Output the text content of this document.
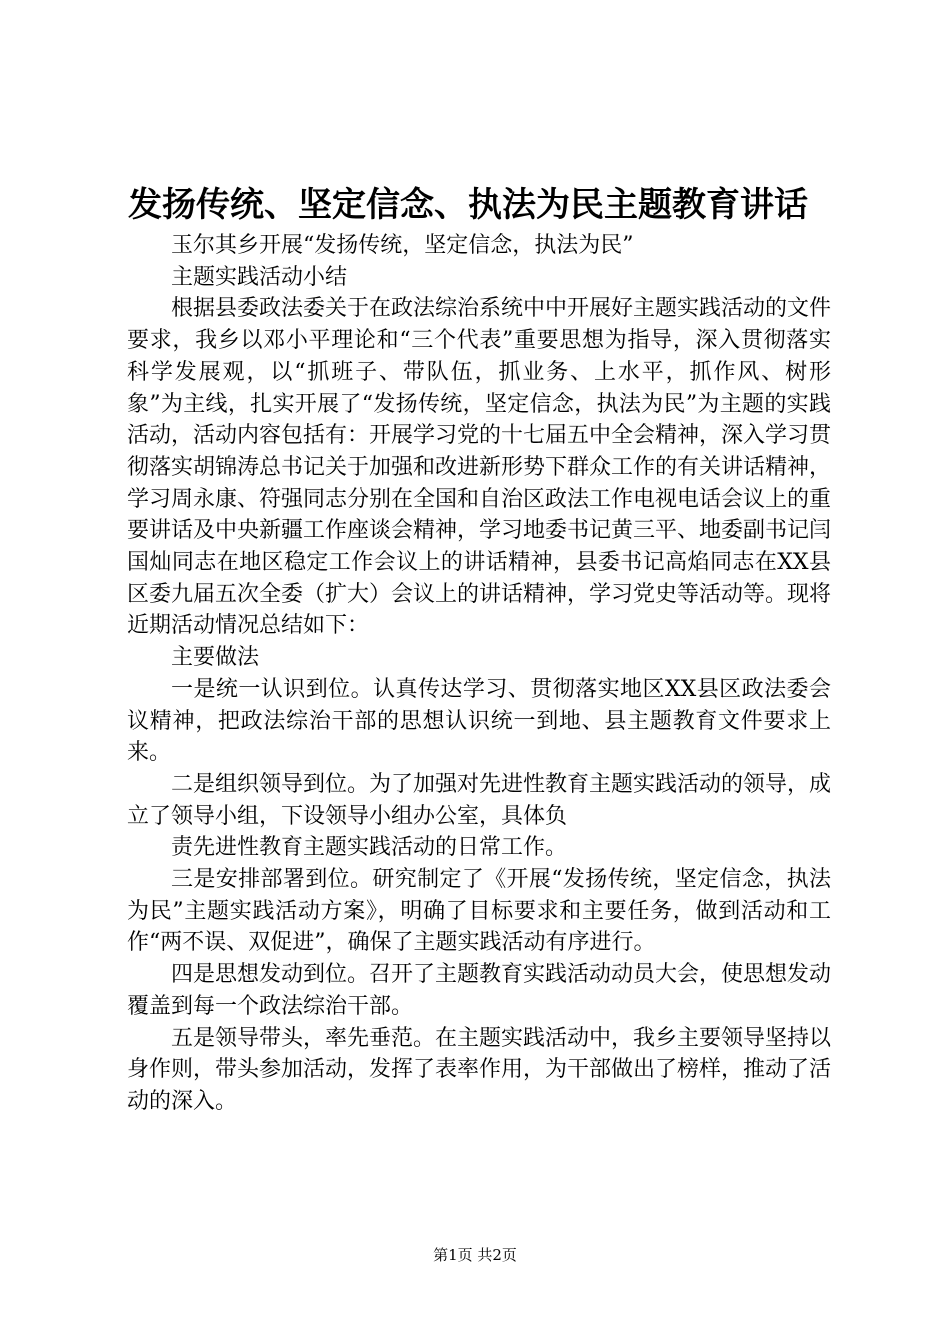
发扬传统、坚定信念、执法为民主题教育讲话

玉尔其乡开展“发扬传统，坚定信念，执法为民”

主题实践活动小结

根据县委政法委关于在政法综治系统中中开展好主题实践活动的文件要求，我乡以邓小平理论和“三个代表”重要思想为指导，深入贯彻落实科学发展观，以“抓班子、带队伍，抓业务、上水平，抓作风、树形象”为主线，扎实开展了“发扬传统，坚定信念，执法为民”为主题的实践活动，活动内容包括有：开展学习党的十七届五中全会精神，深入学习贯彻落实胡锦涛总书记关于加强和改进新形势下群众工作的有关讲话精神，学习周永康、符强同志分别在全国和自治区政法工作电视电话会议上的重要讲话及中央新疆工作座谈会精神，学习地委书记黄三平、地委副书记闫国灿同志在地区稳定工作会议上的讲话精神，县委书记高焰同志在XX县区委九届五次全委（扩大）会议上的讲话精神，学习党史等活动等。现将近期活动情况总结如下：

主要做法

一是统一认识到位。认真传达学习、贯彻落实地区XX县区政法委会议精神，把政法综治干部的思想认识统一到地、县主题教育文件要求上来。

二是组织领导到位。为了加强对先进性教育主题实践活动的领导，成立了领导小组，下设领导小组办公室，具体负

责先进性教育主题实践活动的日常工作。

三是安排部署到位。研究制定了《开展“发扬传统，坚定信念，执法为民”主题实践活动方案》，明确了目标要求和主要任务，做到活动和工作“两不误、双促进”，确保了主题实践活动有序进行。

四是思想发动到位。召开了主题教育实践活动动员大会，使思想发动覆盖到每一个政法综治干部。

五是领导带头，率先垂范。在主题实践活动中，我乡主要领导坚持以身作则，带头参加活动，发挥了表率作用，为干部做出了榜样，推动了活动的深入。

第1页 共2页
